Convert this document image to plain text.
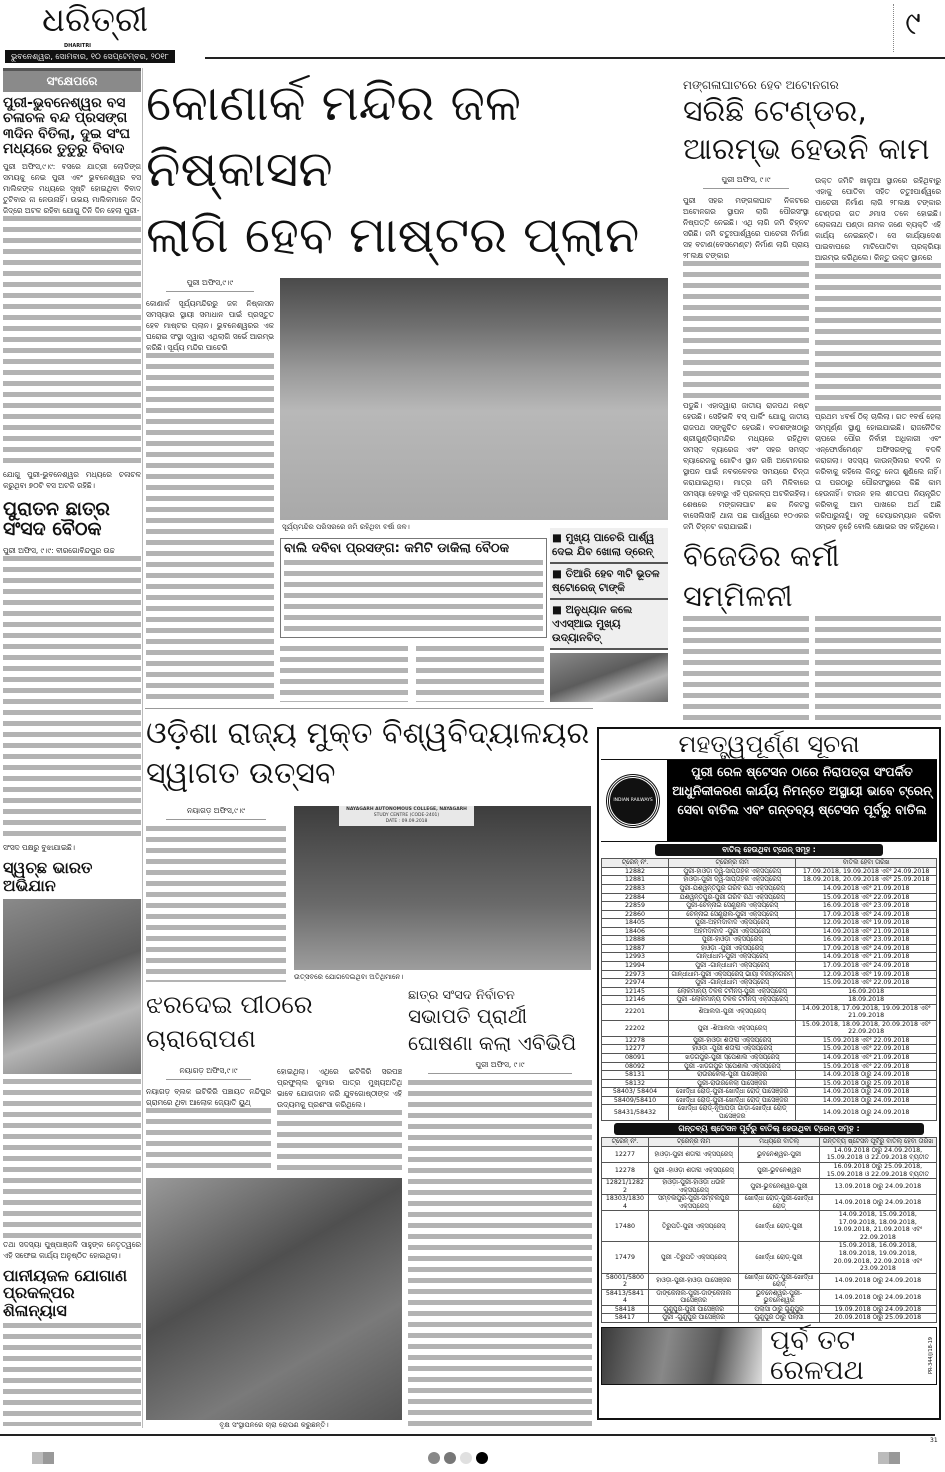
ଧରିତ୍ରୀ
DHARITRI
ଭୁବନେଶ୍ୱର, ସୋମବାର, ୧୦ ସେପ୍ଟେମ୍ବର, ୨୦୧୮
୯
ସଂକ୍ଷେପରେ
ପୁରୀ-ଭୁବନେଶ୍ୱର ବସ ଚଳାଚଳ ବନ୍ଦ ପ୍ରସଙ୍ଗ ୩ଦିନ ବିତିଲା, ଦୁଇ ସଂଘ ମଧ୍ୟରେ ତୁତୁରୁ ବିବାଦ
ପୁରୀ ଅଫିସ,୯।୯: ବସରେ ଯାତ୍ରୀ ଲୋଡିଙ୍ଗ ସମୟକୁ ନେଇ ପୁରୀ ଏବଂ ଭୁବନେଶ୍ୱର ବସ ମାଲିକଙ୍କ ମଧ୍ୟରେ ସୃଷ୍ଟି ହୋଇଥିବା ବିବାଦ ତୁଟିବାର ନା ନେଉନାହିଁ। ଉଭୟ ମାଲିକମାନେ ଜିଦ୍‌ ଜିଦ୍‌ରେ ଅଟଳ ରହିବା ଯୋଗୁ ତିନି ଦିନ ହେଲା ପୁରୀ-
ଯୋଗୁ ପୁରୀ-ଭୁବନେଶ୍ୱର ମଧ୍ୟରେ ଚଳାଚଳ କରୁଥିବା ୭୦ଟି ବସ ଅଟକି ରହିଛି।
ପୁରାତନ ଛାତ୍ର ସଂସଦ ବୈଠକ
ପୁରୀ ଅଫିସ, ୯।୯: ବୀରଗୋବିନ୍ଦପୁର ଉଚ୍ଚ
ସଂସଦ ପକ୍ଷରୁ ବୁଝାଯାଇଛି।
ସ୍ୱଚ୍ଛ ଭାରତ ଅଭିଯାନ
ତଥା ସଦସ୍ୟା ପୁଷ୍ପାଞ୍ଜଳି ସାହୁଙ୍କ ନେତୃତ୍ୱରେ ଏହି ସଫେଇ କାର୍ଯ୍ୟ ଅନୁଷ୍ଠିତ ହୋଇଥିଲା।
ପାନୀୟଜଳ ଯୋଗାଣ ପ୍ରକଳ୍ପର ଶିଳାନ୍ୟାସ
କୋଣାର୍କ ମନ୍ଦିର ଜଳ ନିଷ୍କାସନ
ଲାଗି ହେବ ମାଷ୍ଟର ପ୍ଲାନ
ପୁରୀ ଅଫିସ,୯।୯
କୋଣାର୍କ ସୂର୍ଯ୍ୟମନ୍ଦିରରୁ ଜଳ ନିଷ୍କାସନ ସମସ୍ୟାର ସ୍ଥାୟୀ ସମାଧାନ ପାଇଁ ପ୍ରସ୍ତୁତ ହେବ ମାଷ୍ଟର ପ୍ଲାନ। ଭୁବନେଶ୍ୱରର ଏକ ଘରୋଇ ସଂସ୍ଥା ଦ୍ୱାରା ଏଥିଲାଗି ସର୍ଭେ ଆରମ୍ଭ କରିଛି। ସୂର୍ଯ୍ୟ ମନ୍ଦିର ପାଚେରି
ସୂର୍ଯ୍ୟମନ୍ଦିର ପରିସରରେ ଜମି ରହିଥିବା ବର୍ଷା ଜଳ।
ବାଲି ଦବିବା ପ୍ରସଙ୍ଗ: କମିଟି ଡାକିଲା ବୈଠକ
■ ମୁଖ୍ୟ ପାଚେରି ପାର୍ଶ୍ୱ ଦେଇ ଯିବ ଖୋଲା ଡ୍ରେନ୍
■ ତିଆରି ହେବ ୩ଟି ଭୂତଳ ଷ୍ଟୋରେଜ୍ ଟାଙ୍କି
■ ଅନୁଧ୍ୟାନ କଲେ ଏଏସ୍‌ଆଇ ମୁଖ୍ୟ ଉଦ୍ୟାନବିତ୍
ମଙ୍ଗଳାଘାଟରେ ହେବ ଅଟୋନଗର
ସରିଛି ଟେଣ୍ଡର, ଆରମ୍ଭ ହେଉନି କାମ
ପୁରୀ ଅଫିସ, ୯।୯
ପୁରୀ ସହର ମଙ୍ଗଳାଘାଟ ନିକଟରେ ଅଟୋନଗର ସ୍ଥାପନ ଲାଗି ପୌରସଂସ୍ଥା ନିଷ୍ପତ୍ତି ନେଇଛି। ଏଥି ଲାଗି ଜମି ଚିହ୍ନଟ ସରିଛି। ଜମି ଚତୁଃପାର୍ଶ୍ୱରେ ପାଚେରୀ ନିର୍ମାଣ ସହ ବଟାଣ(ବେସମେଣ୍ଟ) ନିର୍ମାଣ ଲାଗି ପ୍ରାୟ ୨୮ଲକ୍ଷ ଟଙ୍କାର
ପଡୁଛି। ଏହାଦ୍ୱାରା ଜାତୀୟ ରାଜପଥ ନଷ୍ଟ ହେଉଛି। ସେହିଭଳି ବସ୍ ପାର୍କିଂ ଯୋଗୁ ଜାତୀୟ ରାଜପଥ ସଙ୍କୁଚିତ ହେଉଛି। ବଡଶଙ୍ଖଠାରୁ ଶ୍ରୀଗୁଣ୍ଡିଚାମନ୍ଦିର ମଧ୍ୟରେ ରହିଥିବା ସମସ୍ତ ବ୍ୟାରେଜ ଏବଂ ସହର ସମସ୍ତ ବ୍ୟାରେଜକୁ ଗୋଟିଏ ସ୍ଥାନ ରଖି ଅଟୋନଗର ସ୍ଥାପନ ପାଇଁ ନବକଳେବର ସମୟରେ ଚିନ୍ତା କରାଯାଇଥିଲା। ମାତ୍ର ଜମି ମିଳିବାରେ ସମସ୍ୟା ହେବାରୁ ଏହି ପ୍ରକଳ୍ପ ଅଟକିରହିଲା। ଶେଷରେ ମଙ୍ଗଳାଘାଟ ଛକ ନିକଟସ୍ଥ ବାସେଲିସାହି ଥାନା ପଛ ପାର୍ଶ୍ୱରେ ୧୦ଏକର ଜମି ଚିହ୍ନଟ କରାଯାଇଛି।
ଉକ୍ତ ଜମିଟି ଖାଲୁଆ ସ୍ଥାନରେ ରହିଥିବାରୁ ଏହାକୁ ପୋତିବା ସହିତ ଚତୁଃପାର୍ଶ୍ୱରେ ପାଚେରୀ ନିର୍ମାଣ ଲାଗି ୨୮ଲକ୍ଷ ଟଙ୍କାର ଟେଣ୍ଡର ଗତ ୬ମାସ ତଳେ ହୋଇଛି। ଲୋକନାଥ ପଣ୍ଡା ନାମକ ଜଣେ ବ୍ୟକ୍ତି ଏହି କାର୍ଯ୍ୟ ନେଇଛନ୍ତି। ସେ କାର୍ଯ୍ୟାଦେଶ ପାଇବାପରେ ମାଟିପୋତିବା ପ୍ରକ୍ରିୟା ଆରମ୍ଭ କରିଥିଲେ। କିନ୍ତୁ ଉକ୍ତ ସ୍ଥାନରେ
ପ୍ରଥମ ୪ବର୍ଷ ଠିକ୍ ଚାଲିଲା। ଗତ ୧ବର୍ଷ ହେଲା ସମ୍ପୂର୍ଣ୍ଣ ସ୍ଥାଣୁ ହୋଇଯାଇଛି। ରାଜନୈତିକ ଚାପରେ ପୌର ନିର୍ବାହୀ ଅଧିକାରୀ ଏବଂ ଏନ୍‌ଫୋର୍ସମେଣ୍ଟ ଅଫିସରଙ୍କୁ ବଦଳି କରାଗଲା। ସଦସ୍ୟ କାଉନ୍ସିଲର ବଦଳି ନ କରିବାକୁ କହିଲେ କିନ୍ତୁ ନେତା ଶୁଣିଲେ ନାହିଁ। ତା ପରଠାରୁ ପୌରସଂସ୍ଥାରେ କିଛି କାମ ହେଉନାହିଁ। ଟାଉନ ହଲ ଶୀତତାପ ନିୟନ୍ତ୍ରିତ କରିବାକୁ ଆମ ପାଖରେ ଅର୍ଥ ଅଛି କରିପାରୁନାହୁଁ। ସବୁ ଚେୟାରମ୍ୟାନ କରିବା ସମ୍ଭବ ନୁହେଁ ବୋଲି କ୍ଷୋଭର ସହ କହିଥିଲେ।
ବିଜେଡିର କର୍ମୀ ସମ୍ମିଳନୀ
ଓଡ଼ିଶା ରାଜ୍ୟ ମୁକ୍ତ ବିଶ୍ୱବିଦ୍ୟାଳୟର ସ୍ୱାଗତ ଉତ୍ସବ
ନୟାଗଡ଼ ଅଫିସ,୯।୯	NAYAGARH AUTONOMOUS COLLEGE, NAYAGARH
STUDY CENTRE (CODE-2401)
DATE : 09.09.2018
ଉତ୍ସବରେ ଯୋଗଦେଇଥିବା ଅତିଥିମାନେ।
ଝରଦେଇ ପୀଠରେ ଚାରାରୋପଣ
ନୟାଗଡ଼ ଅଫିସ,୯।୯
ନୟାଗଡ଼ ବ୍ଲକ ଇଟିକିରି ପଞ୍ଚାୟତ ନନ୍ଦିପୁର ଗ୍ରାମରେ ଥିବା ଆଲୋକ ଜ୍ୟୋତି ୟୁଥ୍
ହୋଇଥିଲା। ଏଥିରେ ଇଟିକିରି ସରପଞ୍ଚ ପ୍ରଫୁଲ୍ଲ କୁମାର ପାତ୍ର ମୁଖ୍ୟଅତିଥି ଭାବେ ଯୋଗଦାନ କରି ଯୁବଗୋଷ୍ଠୀଙ୍କ ଏହି ଉଦ୍ୟମକୁ ପ୍ରଶଂସା କରିଥିଲେ।
ବୃକ୍ଷ ସଂସ୍ଥାପନରେ ଚାରା ରୋପଣ କରୁଛନ୍ତି।
ଛାତ୍ର ସଂସଦ ନିର୍ବାଚନ
ସଭାପତି ପ୍ରାର୍ଥୀ ଘୋଷଣା କଲା ଏବିଭିପି
ପୁରୀ ଅଫିସ, ୯।୯
ମହତ୍ତ୍ୱପୂର୍ଣ୍ଣ ସୂଚନା
INDIAN RAILWAYS
ପୁରୀ ରେଳ ଷ୍ଟେସନ ଠାରେ ନିରାପତ୍ତା ସଂପର୍କିତ ଆଧୁନିକୀକରଣ କାର୍ଯ୍ୟ ନିମନ୍ତେ ଅସ୍ଥାୟୀ ଭାବେ ଟ୍ରେନ୍ ସେବା ବାତିଲ ଏବଂ ଗନ୍ତବ୍ୟ ଷ୍ଟେସନ ପୂର୍ବରୁ ବାତିଲ
ବାତିଲ୍ ହେଉଥିବା ଟ୍ରେନ୍ ସମୂହ :
ଟ୍ରେନ୍ ନଂ.	ଟ୍ରେନ୍‌ର ନାମ	ବାତିଲ ହେବା ତାରିଖ
12882	ପୁରୀ-ହାଓଡ଼ା ଦ୍ୱି-ସାପ୍ତାହିକ ଏକ୍ସପ୍ରେସ୍	17.09.2018, 19.09.2018 ଏବଂ 24.09.2018
12881	ହାଓଡ଼ା-ପୁରୀ ଦ୍ୱି-ସାପ୍ତାହିକ ଏକ୍ସପ୍ରେସ୍	18.09.2018, 20.09.2018 ଏବଂ 25.09.2018
22883	ପୁରୀ-ଯଶୱନ୍ତପୁର ଗରିବ ରଥ ଏକ୍ସପ୍ରେସ୍	14.09.2018 ଏବଂ 21.09.2018
22884	ଯଶୱନ୍ତପୁର-ପୁରୀ ଗରିବ ରଥ ଏକ୍ସପ୍ରେସ୍	15.09.2018 ଏବଂ 22.09.2018
22859	ପୁରୀ-ଚେନ୍ନାଇ ସେଣ୍ଟ୍ରାଲ ଏକ୍ସପ୍ରେସ୍	16.09.2018 ଏବଂ 23.09.2018
22860	ଚେନ୍ନାଇ ସେଣ୍ଟ୍ରାଲ-ପୁରୀ ଏକ୍ସପ୍ରେସ୍	17.09.2018 ଏବଂ 24.09.2018
18405	ପୁରୀ-ଅହମଦାବାଦ ଏକ୍ସପ୍ରେସ୍	12.09.2018 ଏବଂ 19.09.2018
18406	ଅହମଦାବାଦ -ପୁରୀ ଏକ୍ସପ୍ରେସ୍	14.09.2018 ଏବଂ 21.09.2018
12888	ପୁରୀ-ହାଓଡ଼ା ଏକ୍ସପ୍ରେସ୍	16.09.2018 ଏବଂ 23.09.2018
12887	ହାଓଡ଼ା -ପୁରୀ ଏକ୍ସପ୍ରେସ୍	17.09.2018 ଏବଂ 24.09.2018
12993	ଗାନ୍ଧୀଧାମ-ପୁରୀ ଏକ୍ସପ୍ରେସ୍	14.09.2018 ଏବଂ 21.09.2018
12994	ପୁରୀ -ଗାନ୍ଧୀଧାମ ଏକ୍ସପ୍ରେସ୍	17.09.2018 ଏବଂ 24.09.2018
22973	ଗାନ୍ଧୀଧାମ-ପୁରୀ ଏକ୍ସପ୍ରେସ୍ ଭାୟା ବିଜୟନଗରମ୍	12.09.2018 ଏବଂ 19.09.2018
22974	ପୁରୀ -ଗାନ୍ଧୀଧାମ ଏକ୍ସପ୍ରେସ୍	15.09.2018 ଏବଂ 22.09.2018
12145	ଲୋକମାନ୍ୟ ତିଳକ ଟର୍ମିନସ୍-ପୁରୀ ଏକ୍ସପ୍ରେସ୍	16.09.2018
12146	ପୁରୀ -ଲୋକମାନ୍ୟ ତିଳକ ଟର୍ମିନସ୍ ଏକ୍ସପ୍ରେସ୍	18.09.2018
22201	ଶିଆଲଦା-ପୁରୀ ଏକ୍ସପ୍ରେସ୍	14.09.2018, 17.09.2018, 19.09.2018 ଏବଂ 21.09.2018
22202	ପୁରୀ -ଶିଆଲଦା ଏକ୍ସପ୍ରେସ୍	15.09.2018, 18.09.2018, 20.09.2018 ଏବଂ 22.09.2018
12278	ପୁରୀ-ହାଓଡ଼ା ଶତାବ୍ଦୀ ଏକ୍ସପ୍ରେସ୍	15.09.2018 ଏବଂ 22.09.2018
12277	ହାଓଡ଼ା -ପୁରୀ ଶତାବ୍ଦୀ ଏକ୍ସପ୍ରେସ୍	15.09.2018 ଏବଂ 22.09.2018
08091	ଖଡ଼ଗପୁର-ପୁରୀ ସ୍ପେଶାଲ ଏକ୍ସପ୍ରେସ୍	14.09.2018 ଏବଂ 21.09.2018
08092	ପୁରୀ -ଖଡ଼ଗପୁର ସ୍ପେଶାଲ ଏକ୍ସପ୍ରେସ୍	15.09.2018 ଏବଂ 22.09.2018
58131	ରାଉରକେଲା-ପୁରୀ ପାସେଞ୍ଜର	14.09.2018 ଠାରୁ 24.09.2018
58132	ପୁରୀ-ରାଉରକେଲା ପାସେଞ୍ଜର	15.09.2018 ଠାରୁ 25.09.2018
58403/ 58404	ଖୋର୍ଦ୍ଧା ରୋଡ୍-ପୁରୀ-ଖୋର୍ଦ୍ଧା ରୋଡ୍ ପାସେଞ୍ଜର	14.09.2018 ଠାରୁ 24.09.2018
58409/58410	ଖୋର୍ଦ୍ଧା ରୋଡ୍-ପୁରୀ-ଖୋର୍ଦ୍ଧା ରୋଡ୍ ପାସେଞ୍ଜର	14.09.2018 ଠାରୁ 24.09.2018
58431/58432	ଖୋର୍ଦ୍ଧା ରୋଡ୍-ନୂଆପଡ଼ା ଗାଡ଼ା-ଖୋର୍ଦ୍ଧା ରୋଡ୍ ପାସେଞ୍ଜର	14.09.2018 ଠାରୁ 24.09.2018
ଗନ୍ତବ୍ୟ ଷ୍ଟେସନ ପୂର୍ବରୁ ବାତିଲ୍ ହେଉଥିବା ଟ୍ରେନ୍ ସମୂହ :
ଟ୍ରେନ୍ ନଂ.	ଟ୍ରେନ୍‌ର ନାମ	ମଧ୍ୟରେ ବାତିଲ୍	ଗନ୍ତବ୍ୟ ଷ୍ଟେସନ ପୂର୍ବରୁ ବାତିଲ୍ ହେବା ତାରିଖ
12277	ହାଓଡ଼ା-ପୁରୀ ଶତାବ୍ଦୀ ଏକ୍ସପ୍ରେସ୍	ଭୁବନେଶ୍ୱର-ପୁରୀ	14.09.2018 ଠାରୁ 24.09.2018, 15.09.2018 ଓ 22.09.2018 ବ୍ୟତୀତ
12278	ପୁରୀ -ହାଓଡ଼ା ଶତାବ୍ଦୀ ଏକ୍ସପ୍ରେସ୍	ପୁରୀ-ଭୁବନେଶ୍ୱର	16.09.2018 ଠାରୁ 25.09.2018, 15.09.2018 ଓ 22.09.2018 ବ୍ୟତୀତ
12821/12822	ହାଓଡ଼ା-ପୁରୀ-ହାଓଡ଼ା ଧଉଳି ଏକ୍ସପ୍ରେସ୍	ପୁରୀ-ଭୁବନେଶ୍ୱର-ପୁରୀ	13.09.2018 ଠାରୁ 24.09.2018
18303/18304	ସମ୍ବଲପୁର-ପୁରୀ-ସମ୍ବଲପୁର ଏକ୍ସପ୍ରେସ୍	ଖୋର୍ଦ୍ଧା ରୋଡ୍-ପୁରୀ-ଖୋର୍ଦ୍ଧା ରୋଡ୍	14.09.2018 ଠାରୁ 24.09.2018
17480	ତିରୁପତି-ପୁରୀ ଏକ୍ସପ୍ରେସ୍	ଖୋର୍ଦ୍ଧା ରୋଡ୍-ପୁରୀ	14.09.2018, 15.09.2018, 17.09.2018, 18.09.2018, 19.09.2018, 21.09.2018 ଏବଂ 22.09.2018
17479	ପୁରୀ -ତିରୁପତି ଏକ୍ସପ୍ରେସ୍	ଖୋର୍ଦ୍ଧା ରୋଡ୍-ପୁରୀ	15.09.2018, 16.09.2018, 18.09.2018, 19.09.2018, 20.09.2018, 22.09.2018 ଏବଂ 23.09.2018
58001/58002	ହାଓଡ଼ା-ପୁରୀ-ହାଓଡ଼ା ପାସେଞ୍ଜର	ଖୋର୍ଦ୍ଧା ରୋଡ୍-ପୁରୀ-ଖୋର୍ଦ୍ଧା ରୋଡ୍	14.09.2018 ଠାରୁ 24.09.2018
58413/58414	ଡାଙ୍କେନାଲ-ପୁରୀ-ଡାଙ୍କେନାଲ ପାସେଞ୍ଜର	ଭୁବନେଶ୍ୱର-ପୁରୀ-ଭୁବନେଶ୍ୱର	14.09.2018 ଠାରୁ 24.09.2018
58418	ଗୁଣୁପୁର-ପୁରୀ ପାସେଞ୍ଜର	ପଲାସା ଠାରୁ ଗୁଣୁପୁର	19.09.2018 ଠାରୁ 24.09.2018
58417	ପୁରୀ -ଗୁଣୁପୁର ପାସେଞ୍ଜର	ଗୁଣୁପୁର ଠାରୁ ପଲାସା	20.09.2018 ଠାରୁ 25.09.2018
ପୂର୍ବ ତଟ ରେଳପଥ	PR-344/J/18-19
31
